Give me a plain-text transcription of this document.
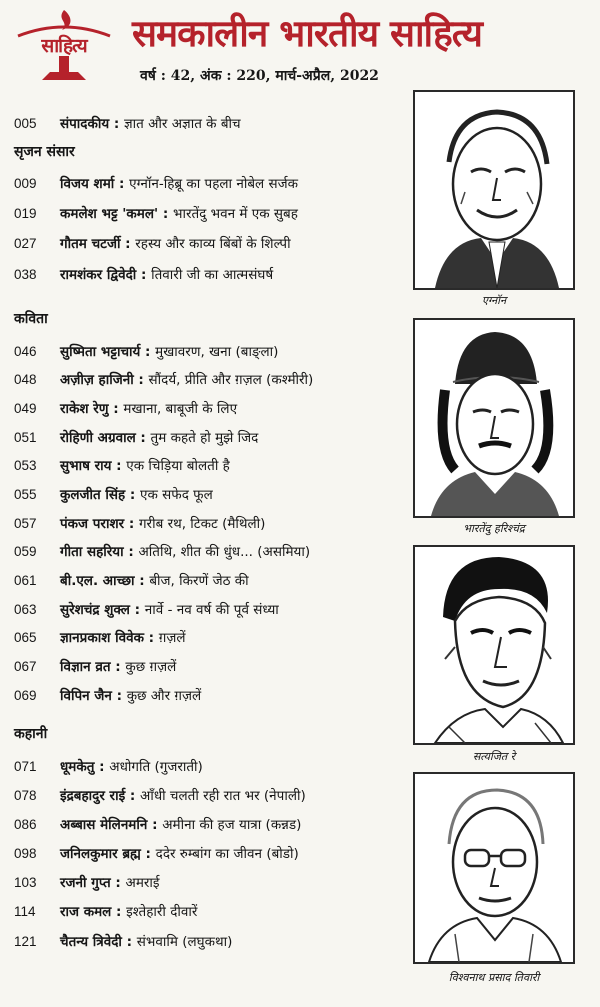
साहित्य	समकालीन भारतीय साहित्य
वर्ष : 42, अंक : 220, मार्च-अप्रैल, 2022
005 संपादकीय : ज्ञात और अज्ञात के बीच
सृजन संसार
009 विजय शर्मा : एग्नॉन-हिब्रू का पहला नोबेल सर्जक
019 कमलेश भट्ट 'कमल' : भारतेंदु भवन में एक सुबह
027 गौतम चटर्जी : रहस्य और काव्य बिंबों के शिल्पी
038 रामशंकर द्विवेदी : तिवारी जी का आत्मसंघर्ष
कविता
046 सुष्मिता भट्टाचार्य : मुखावरण, खना (बाङ्ला)
048 अज़ीज़ हाजिनी : सौंदर्य, प्रीति और ग़ज़ल (कश्मीरी)
049 राकेश रेणु : मखाना, बाबूजी के लिए
051 रोहिणी अग्रवाल : तुम कहते हो मुझे जिद
053 सुभाष राय : एक चिड़िया बोलती है
055 कुलजीत सिंह : एक सफेद फूल
057 पंकज पराशर : गरीब रथ, टिकट (मैथिली)
059 गीता सहरिया : अतिथि, शीत की धुंध... (असमिया)
061 बी.एल. आच्छा : बीज, किरणें जेठ की
063 सुरेशचंद्र शुक्ल : नार्वे - नव वर्ष की पूर्व संध्या
065 ज्ञानप्रकाश विवेक : ग़ज़लें
067 विज्ञान व्रत : कुछ ग़ज़लें
069 विपिन जैन : कुछ और ग़ज़लें
कहानी
071 धूमकेतु : अधोगति (गुजराती)
078 इंद्रबहादुर राई : आँधी चलती रही रात भर (नेपाली)
086 अब्बास मेलिनमनि : अमीना की हज यात्रा (कन्नड)
098 जनिलकुमार ब्रह्म : ददेर रुम्बांग का जीवन (बोडो)
103 रजनी गुप्त : अमराई
114 राज कमल : इश्तेहारी दीवारें
121 चैतन्य त्रिवेदी : संभवामि (लघुकथा)
एग्नॉन
भारतेंदु हरिश्चंद्र
सत्यजित रे
विश्वनाथ प्रसाद तिवारी
